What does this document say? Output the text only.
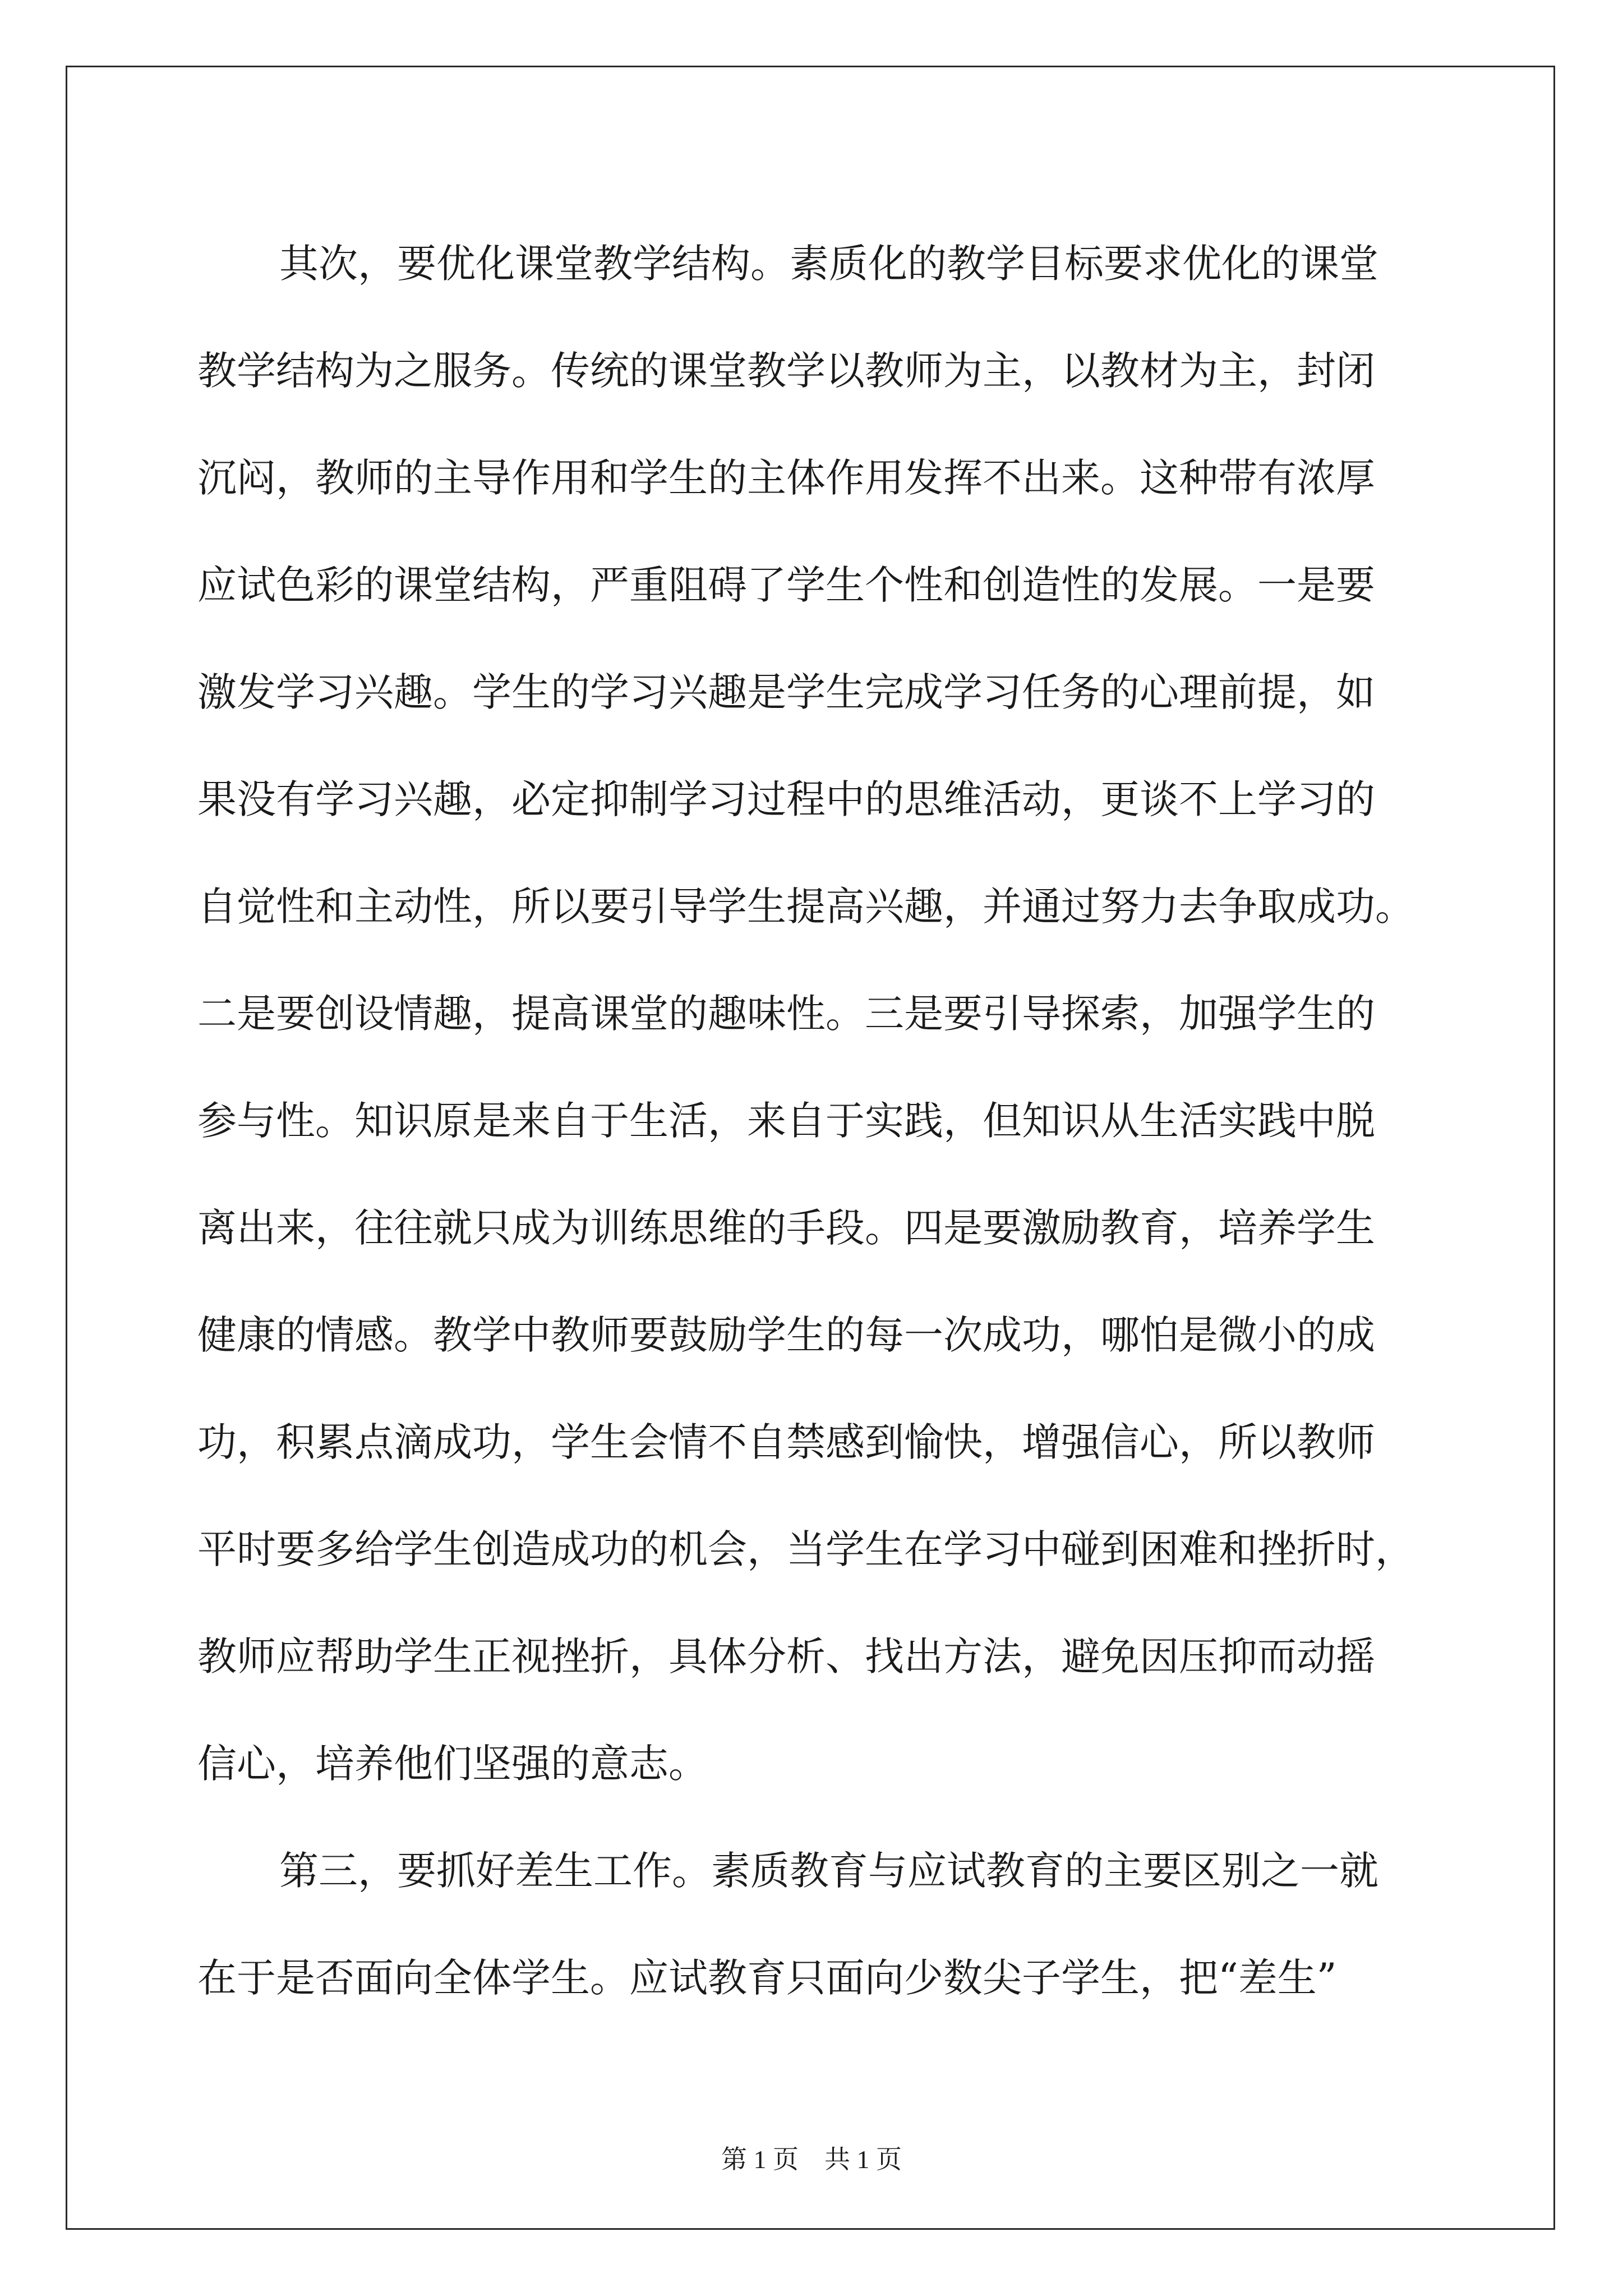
其次，要优化课堂教学结构。素质化的教学目标要求优化的课堂
教学结构为之服务。传统的课堂教学以教师为主，以教材为主，封闭
沉闷，教师的主导作用和学生的主体作用发挥不出来。这种带有浓厚
应试色彩的课堂结构，严重阻碍了学生个性和创造性的发展。一是要
激发学习兴趣。学生的学习兴趣是学生完成学习任务的心理前提，如
果没有学习兴趣，必定抑制学习过程中的思维活动，更谈不上学习的
自觉性和主动性，所以要引导学生提高兴趣，并通过努力去争取成功。
二是要创设情趣，提高课堂的趣味性。三是要引导探索，加强学生的
参与性。知识原是来自于生活，来自于实践，但知识从生活实践中脱
离出来，往往就只成为训练思维的手段。四是要激励教育，培养学生
健康的情感。教学中教师要鼓励学生的每一次成功，哪怕是微小的成
功，积累点滴成功，学生会情不自禁感到愉快，增强信心，所以教师
平时要多给学生创造成功的机会，当学生在学习中碰到困难和挫折时，
教师应帮助学生正视挫折，具体分析、找出方法，避免因压抑而动摇
信心，培养他们坚强的意志。

第三，要抓好差生工作。素质教育与应试教育的主要区别之一就
在于是否面向全体学生。应试教育只面向少数尖子学生，把“差生”

第 1 页    共 1 页
